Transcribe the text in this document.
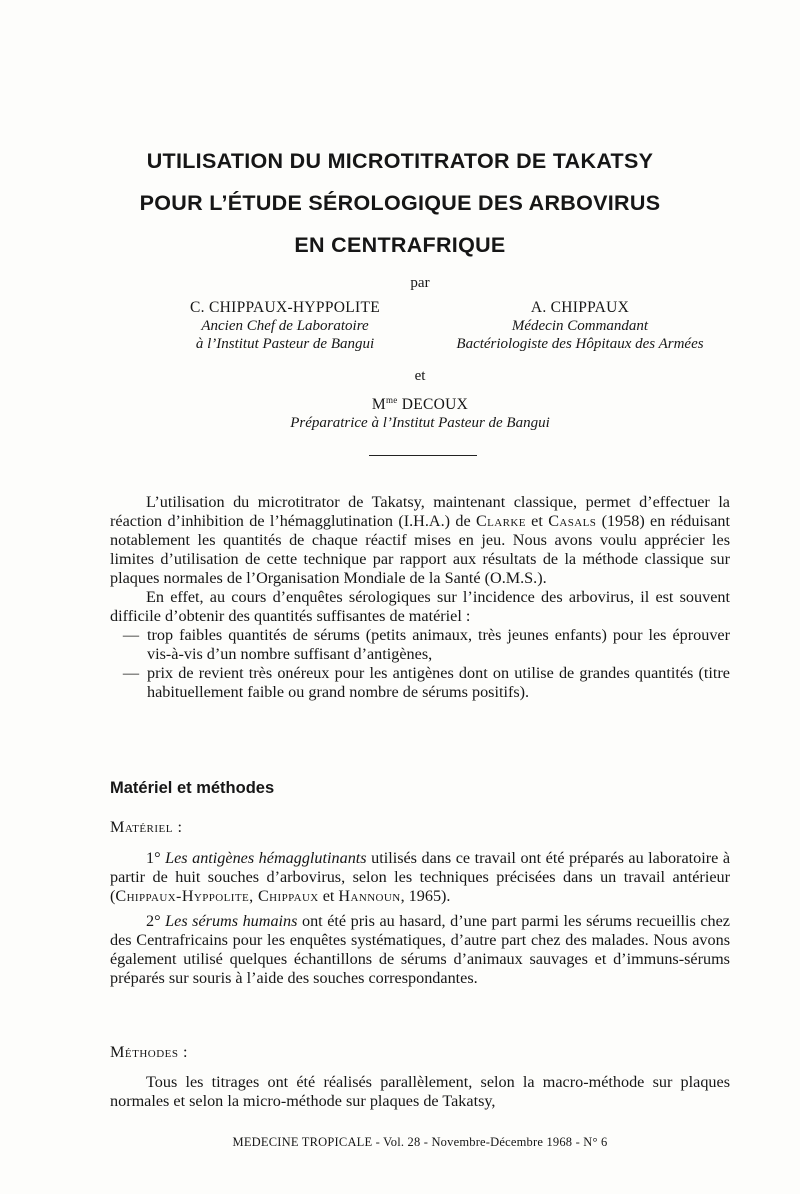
UTILISATION DU MICROTITRATOR DE TAKATSY
POUR L’ÉTUDE SÉROLOGIQUE DES ARBOVIRUS
EN CENTRAFRIQUE
par
C. CHIPPAUX-HYPPOLITE
Ancien Chef de Laboratoire
à l’Institut Pasteur de Bangui
A. CHIPPAUX
Médecin Commandant
Bactériologiste des Hôpitaux des Armées
et
$M^{me}$ DECOUX
Préparatrice à l’Institut Pasteur de Bangui

L’utilisation du microtitrator de Takatsy, maintenant classique, permet d’effectuer la réaction d’inhibition de l’hémagglutination (I.H.A.) de Clarke et Casals (1958) en réduisant notablement les quantités de chaque réactif mises en jeu. Nous avons voulu apprécier les limites d’utilisation de cette technique par rapport aux résultats de la méthode classique sur plaques normales de l’Organisation Mondiale de la Santé (O.M.S.).

En effet, au cours d’enquêtes sérologiques sur l’incidence des arbovirus, il est souvent difficile d’obtenir des quantités suffisantes de matériel :

— trop faibles quantités de sérums (petits animaux, très jeunes enfants) pour les éprouver vis-à-vis d’un nombre suffisant d’antigènes,
— prix de revient très onéreux pour les antigènes dont on utilise de grandes quantités (titre habituellement faible ou grand nombre de sérums positifs).
Matériel et méthodes
Matériel :

1° Les antigènes hémagglutinants utilisés dans ce travail ont été préparés au laboratoire à partir de huit souches d’arbovirus, selon les techniques précisées dans un travail antérieur (Chippaux-Hyppolite, Chippaux et Hannoun, 1965).

2° Les sérums humains ont été pris au hasard, d’une part parmi les sérums recueillis chez des Centrafricains pour les enquêtes systématiques, d’autre part chez des malades. Nous avons également utilisé quelques échantillons de sérums d’animaux sauvages et d’immuns-sérums préparés sur souris à l’aide des souches correspondantes.

Méthodes :

Tous les titrages ont été réalisés parallèlement, selon la macro-méthode sur plaques normales et selon la micro-méthode sur plaques de Takatsy,

MEDECINE TROPICALE - Vol. 28 - Novembre-Décembre 1968 - N° 6
